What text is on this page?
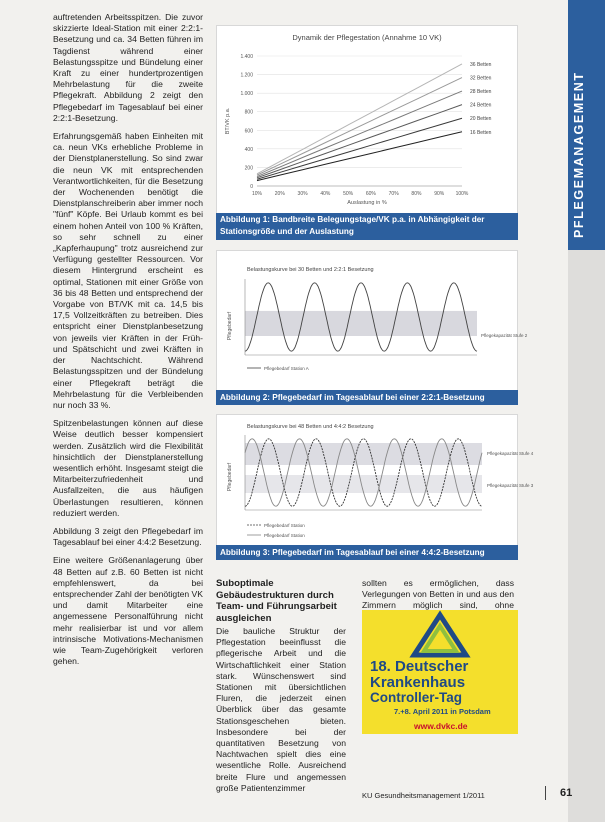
auftretenden Arbeitsspitzen. Die zuvor skizzierte Ideal-Station mit einer 2:2:1-Besetzung und ca. 34 Betten führen im Tagdienst während einer Belastungsspitze und Bündelung einer Kraft zu einer hundertprozentigen Mehrbelastung für die zweite Pflegekraft. Abbildung 2 zeigt den Pflegebedarf im Tagesablauf bei einer 2:2:1-Besetzung.

Erfahrungsgemäß haben Einheiten mit ca. neun VKs erhebliche Probleme in der Dienstplanerstellung. So sind zwar die neun VK mit entsprechenden Verantwortlichkeiten, für die Besetzung der Wochenenden benötigt die Dienstplanschreiberin aber immer noch "fünf" Köpfe. Bei Urlaub kommt es bei einem hohen Anteil von 100 % Kräften, so sehr schnell zu einer „Kapferhaupung" trotz ausreichend zur Verfügung gestellter Ressourcen. Vor diesem Hintergrund erscheint es optimal, Stationen mit einer Größe von 36 bis 48 Betten und entsprechend der Vorgabe von BT/VK mit ca. 14,5 bis 17,5 Vollzeitkräften zu betreiben. Dies entspricht einer Dienstplanbesetzung von jeweils vier Kräften in der Früh- und Spätschicht und zwei Kräften in der Nachtschicht. Während Belastungsspitzen und der Bündelung einer Pflegekraft beträgt die Mehrbelastung für die Verbleibenden nur noch 33 %.

Spitzenbelastungen können auf diese Weise deutlich besser kompensiert werden. Zusätzlich wird die Flexibilität hinsichtlich der Dienstplanerstellung wesentlich erhöht. Insgesamt steigt die Mitarbeiterzufriedenheit und Ausfallzeiten, die aus häufigen Überlastungen resultieren, können reduziert werden.

Abbildung 3 zeigt den Pflegebedarf im Tagesablauf bei einer 4:4:2 Besetzung.

Eine weitere Größenanlagerung über 48 Betten auf z.B. 60 Betten ist nicht empfehlenswert, da bei entsprechender Zahl der benötigten VK und damit Mitarbeiter eine angemessene Personalführung nicht mehr realisierbar ist und vor allem intrinsische Motivations-Mechanismen wie Team-Zugehörigkeit verloren gehen.

PFLEGEMANAGEMENT
Dynamik der Pflegestation (Annahme 10 VK)
BT/VK p.a.
Auslastung in %
0
200
400
600
800
1.000
1.200
1.400
10%	20%	30%	40%	50%	60%	70%	80%	90% 100%
36 Betten
32 Betten
28 Betten
24 Betten
20 Betten
16 Betten
Abbildung 1: Bandbreite Belegungstage/VK p.a. in Abhängigkeit der Stationsgröße und der Auslastung
Belastungskurve bei 30 Betten und 2:2:1 Besetzung
Pflegebedarf	Pflegekapazität Stufe 2
Pflegebedarf Station A
Abbildung 2: Pflegebedarf im Tagesablauf bei einer 2:2:1-Besetzung
Belastungskurve bei 48 Betten und 4:4:2 Besetzung
Pflegebedarf
Pflegekapazität Stufe 4
Pflegekapazität Stufe 3
Pflegebedarf Station
Pflegebedarf Station
Abbildung 3: Pflegebedarf im Tagesablauf bei einer 4:4:2-Besetzung
Suboptimale Gebäudestrukturen durch Team- und Führungsarbeit ausgleichen

Die bauliche Struktur der Pflegestation beeinflusst die pflegerische Arbeit und die Wirtschaftlichkeit einer Station stark. Wünschenswert sind Stationen mit übersichtlichen Fluren, die jederzeit einen Überblick über das gesamte Stationsgeschehen bieten. Insbesondere bei der quantitativen Besetzung von Nachtwachen spielt dies eine wesentliche Rolle. Ausreichend breite Flure und angemessen große Patientenzimmer

sollten es ermöglichen, dass Verlegungen von Betten in und aus den Zimmern möglich sind, ohne

18. Deutscher
Krankenhaus
Controller-Tag
7.+8. April 2011 in Potsdam
www.dvkc.de
KU Gesundheitsmanagement 1/2011	61
